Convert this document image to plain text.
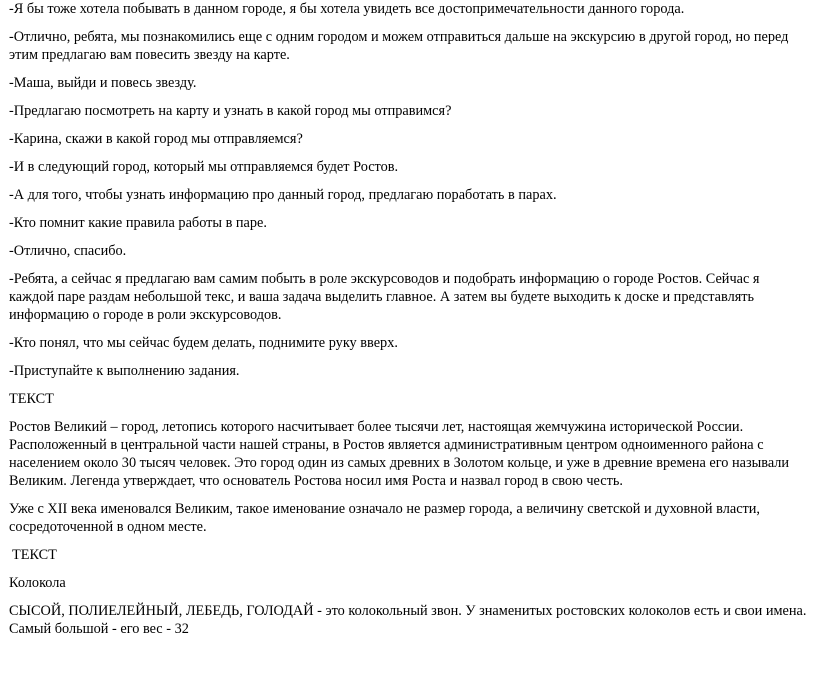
-Я бы тоже хотела побывать в данном городе, я бы хотела увидеть все достопримечательности данного города.

-Отлично, ребята, мы познакомились еще с одним городом и можем отправиться дальше на экскурсию в другой город, но перед этим предлагаю вам повесить звезду на карте.

-Маша, выйди и повесь звезду.

-Предлагаю посмотреть на карту и узнать в какой город мы отправимся?

-Карина, скажи в какой город мы отправляемся?

-И в следующий город, который мы отправляемся будет Ростов.

-А для того, чтобы узнать информацию про данный город, предлагаю поработать в парах.

-Кто помнит какие правила работы в паре.

-Отлично, спасибо.

-Ребята, а сейчас я предлагаю вам самим побыть в роле экскурсоводов и подобрать информацию о городе Ростов. Сейчас я каждой паре раздам небольшой текс, и ваша задача выделить главное. А затем вы будете выходить к доске и представлять информацию о городе в роли экскурсоводов.

-Кто понял, что мы сейчас будем делать, поднимите руку вверх.

-Приступайте к выполнению задания.

ТЕКСТ

Ростов Великий – город, летопись которого насчитывает более тысячи лет, настоящая жемчужина исторической России. Расположенный в центральной части нашей страны, в Ростов является административным центром одноименного района с населением около 30 тысяч человек. Это город один из самых древних в Золотом кольце, и уже в древние времена его называли Великим. Легенда утверждает, что основатель Ростова носил имя Роста и назвал город в свою честь.

Уже с XII века именовался Великим, такое именование означало не размер города, а величину светской и духовной власти, сосредоточенной в одном месте.

ТЕКСТ

Колокола

СЫСОЙ, ПОЛИЕЛЕЙНЫЙ, ЛЕБЕДЬ, ГОЛОДАЙ - это колокольный звон. У знаменитых ростовских колоколов есть и свои имена. Самый большой - его вес - 32
